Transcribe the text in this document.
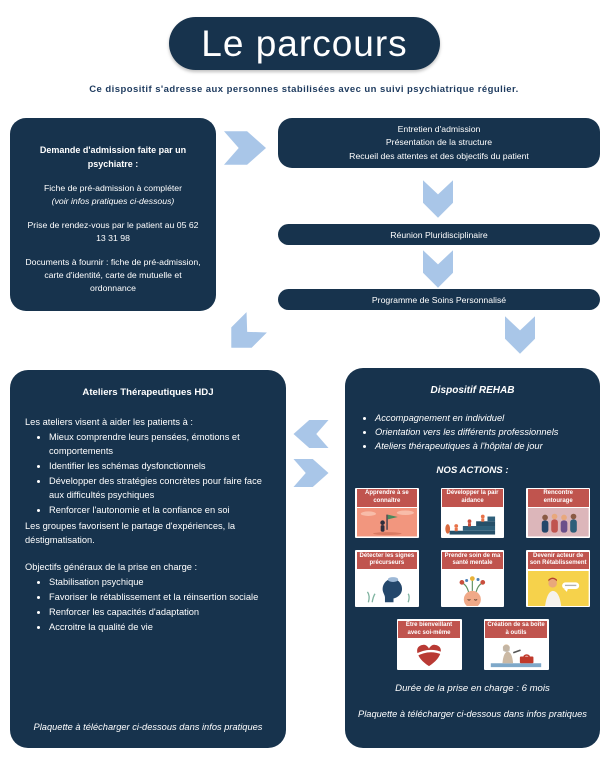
Le parcours
Ce dispositif s'adresse aux personnes stabilisées avec un suivi psychiatrique régulier.

Demande d'admission faite par un psychiatre :

Fiche de pré-admission à compléter
(voir infos pratiques ci-dessous)

Prise de rendez-vous par le patient au 05 62 13 31 98

Documents à fournir : fiche de pré-admission, carte d'identité, carte de mutuelle et ordonnance

Entretien d'admission
Présentation de la structure
Recueil des attentes et des objectifs du patient
Réunion Pluridisciplinaire
Programme de Soins Personnalisé
Ateliers Thérapeutiques HDJ

Les ateliers visent à aider les patients à :

• Mieux comprendre leurs pensées, émotions et comportements
• Identifier les schémas dysfonctionnels
• Développer des stratégies concrètes pour faire face aux difficultés psychiques
• Renforcer l'autonomie et la confiance en soi

Les groupes favorisent le partage d'expériences, la déstigmatisation.

Objectifs généraux de la prise en charge :

• Stabilisation psychique
• Favoriser le rétablissement et la réinsertion sociale
• Renforcer les capacités d'adaptation
• Accroitre la qualité de vie
Plaquette à télécharger ci-dessous dans infos pratiques
Dispositif REHAB
• Accompagnement en individuel
• Orientation vers les différents professionnels
• Ateliers thérapeutiques à l'hôpital de jour
NOS ACTIONS :
Apprendre à se connaître
Développer la pair aidance
Rencontre entourage
Détecter les signes précurseurs
Prendre soin de ma santé mentale
Devenir acteur de son Rétablissement
Être bienveillant avec soi-même
Création de sa boîte à outils
Durée de la prise en charge : 6 mois
Plaquette à télécharger ci-dessous dans infos pratiques
